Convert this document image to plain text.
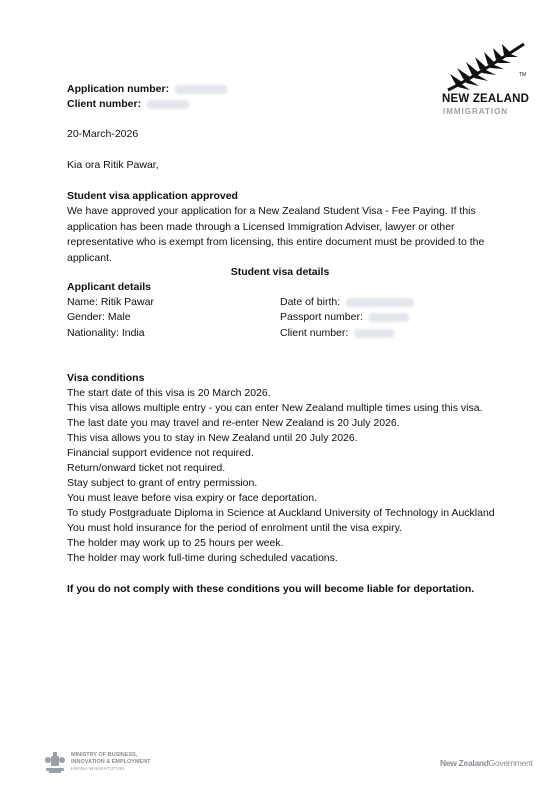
Application number:
Client number:
TM
NEW ZEALAND
IMMIGRATION
20-March-2026
Kia ora Ritik Pawar,
Student visa application approved
We have approved your application for a New Zealand Student Visa - Fee Paying. If this application has been made through a Licensed Immigration Adviser, lawyer or other representative who is exempt from licensing, this entire document must be provided to the applicant.
Student visa details
Applicant details
Name: Ritik Pawar
Gender: Male
Nationality: India
Date of birth:
Passport number:
Client number:
Visa conditions
The start date of this visa is 20 March 2026.
This visa allows multiple entry - you can enter New Zealand multiple times using this visa.
The last date you may travel and re-enter New Zealand is 20 July 2026.
This visa allows you to stay in New Zealand until 20 July 2026.
Financial support evidence not required.
Return/onward ticket not required.
Stay subject to grant of entry permission.
You must leave before visa expiry or face deportation.
To study Postgraduate Diploma in Science at Auckland University of Technology in Auckland
You must hold insurance for the period of enrolment until the visa expiry.
The holder may work up to 25 hours per week.
The holder may work full-time during scheduled vacations.
If you do not comply with these conditions you will become liable for deportation.
MINISTRY OF BUSINESS,
INNOVATION & EMPLOYMENT
HĪKINA WHAKATUTUKI
New ZealandGovernment
